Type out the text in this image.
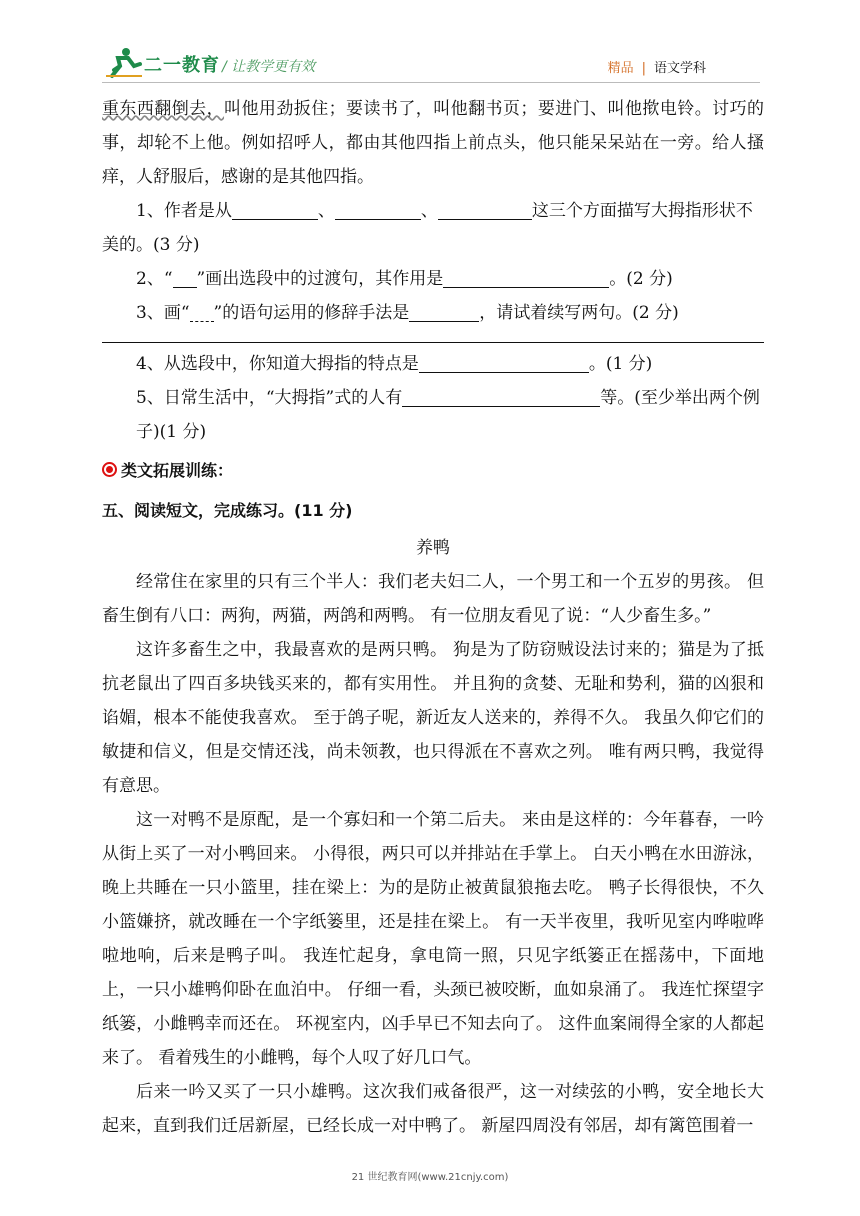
二一教育 / 让教学更有效	精品 | 语文学科

重东西翻倒去，叫他用劲扳住；要读书了，叫他翻书页；要进门、叫他揿电铃。讨巧的事，却轮不上他。例如招呼人，都由其他四指上前点头，他只能呆呆站在一旁。给人搔痒，人舒服后，感谢的是其他四指。

1、作者是从	、	、	这三个方面描写大拇指形状不美的。(3 分)

2、“ ”画出选段中的过渡句，其作用是	。(2 分)

3、画“ ”的语句运用的修辞手法是	，请试着续写两句。(2 分)

4、从选段中，你知道大拇指的特点是	。(1 分)

5、日常生活中，“大拇指”式的人有	等。(至少举出两个例子)(1 分)

类文拓展训练：
五、阅读短文，完成练习。(11 分)

养鸭

经常住在家里的只有三个半人：我们老夫妇二人，一个男工和一个五岁的男孩。 但畜生倒有八口：两狗，两猫，两鸽和两鸭。 有一位朋友看见了说：“人少畜生多。”

这许多畜生之中，我最喜欢的是两只鸭。 狗是为了防窃贼设法讨来的；猫是为了抵抗老鼠出了四百多块钱买来的，都有实用性。 并且狗的贪婪、无耻和势利，猫的凶狠和谄媚，根本不能使我喜欢。 至于鸽子呢，新近友人送来的，养得不久。 我虽久仰它们的敏捷和信义，但是交情还浅，尚未领教，也只得派在不喜欢之列。 唯有两只鸭，我觉得有意思。

这一对鸭不是原配，是一个寡妇和一个第二后夫。 来由是这样的：今年暮春，一吟从街上买了一对小鸭回来。 小得很，两只可以并排站在手掌上。 白天小鸭在水田游泳，晚上共睡在一只小篮里，挂在梁上：为的是防止被黄鼠狼拖去吃。 鸭子长得很快，不久小篮嫌挤，就改睡在一个字纸篓里，还是挂在梁上。 有一天半夜里，我听见室内哗啦哗啦地响，后来是鸭子叫。 我连忙起身，拿电筒一照，只见字纸篓正在摇荡中，下面地上，一只小雄鸭仰卧在血泊中。 仔细一看，头颈已被咬断，血如泉涌了。 我连忙探望字纸篓，小雌鸭幸而还在。 环视室内，凶手早已不知去向了。 这件血案闹得全家的人都起来了。 看着残生的小雌鸭，每个人叹了好几口气。

后来一吟又买了一只小雄鸭。这次我们戒备很严，这一对续弦的小鸭，安全地长大起来，直到我们迁居新屋，已经长成一对中鸭了。 新屋四周没有邻居，却有篱笆围着一

21 世纪教育网(www.21cnjy.com)
